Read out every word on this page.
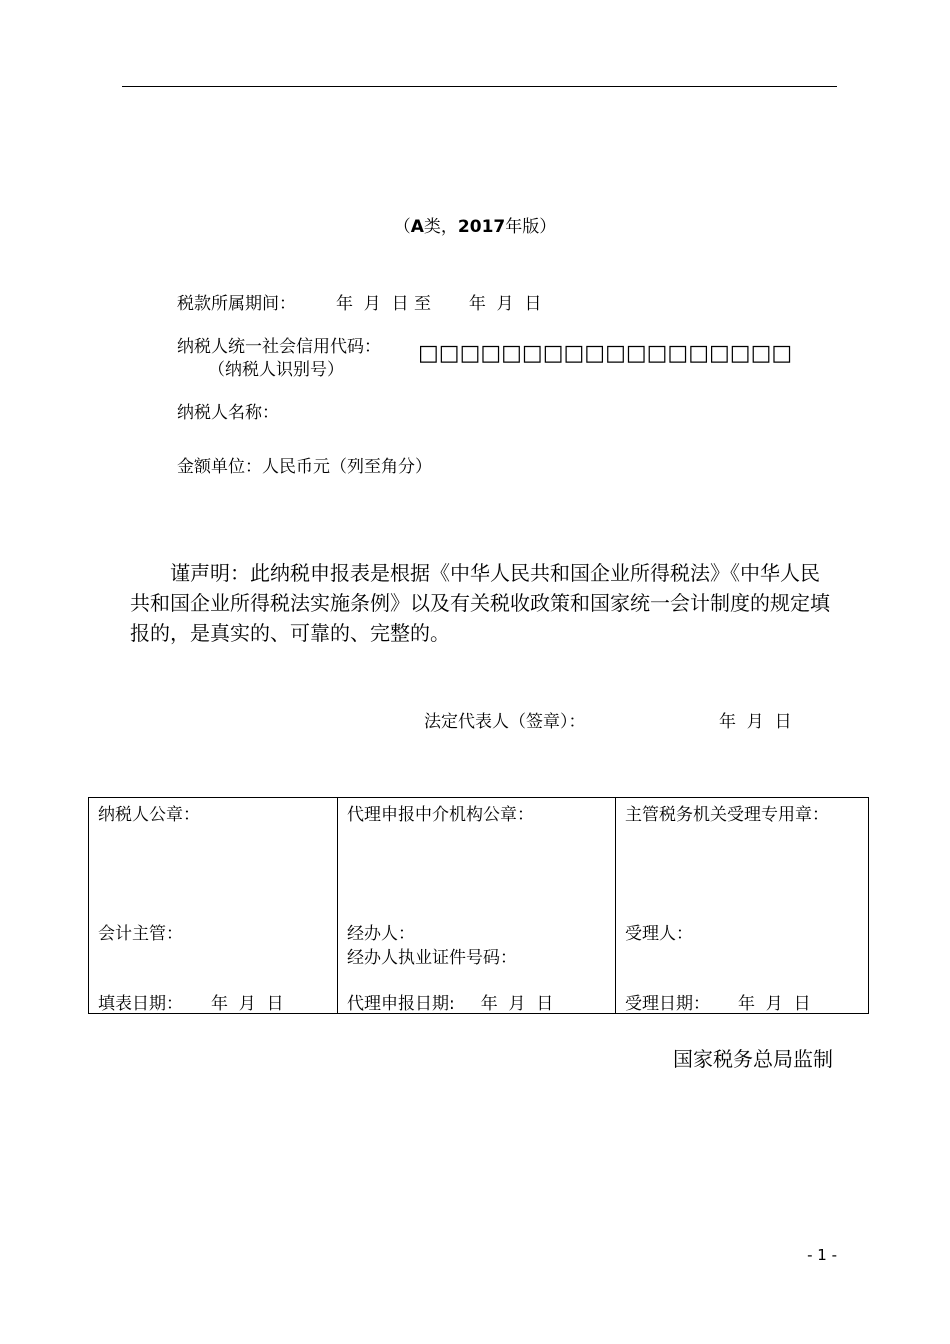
（A类，2017年版）
税款所属期间： 年  月  日 至       年  月  日
纳税人统一社会信用代码：
（纳税人识别号）
□□□□□□□□□□□□□□□□□□
纳税人名称：
金额单位：人民币元（列至角分）

　　谨声明：此纳税申报表是根据《中华人民共和国企业所得税法》《中华人民共和国企业所得税法实施条例》以及有关税收政策和国家统一会计制度的规定填报的，是真实的、可靠的、完整的。

法定代表人（签章）：	年  月  日
纳税人公章：
会计主管：
填表日期： 年  月  日

代理申报中介机构公章：
经办人：
经办人执业证件号码：
代理申报日期: 年  月  日

主管税务机关受理专用章：
受理人：
受理日期： 年  月  日
国家税务总局监制
- 1 -
